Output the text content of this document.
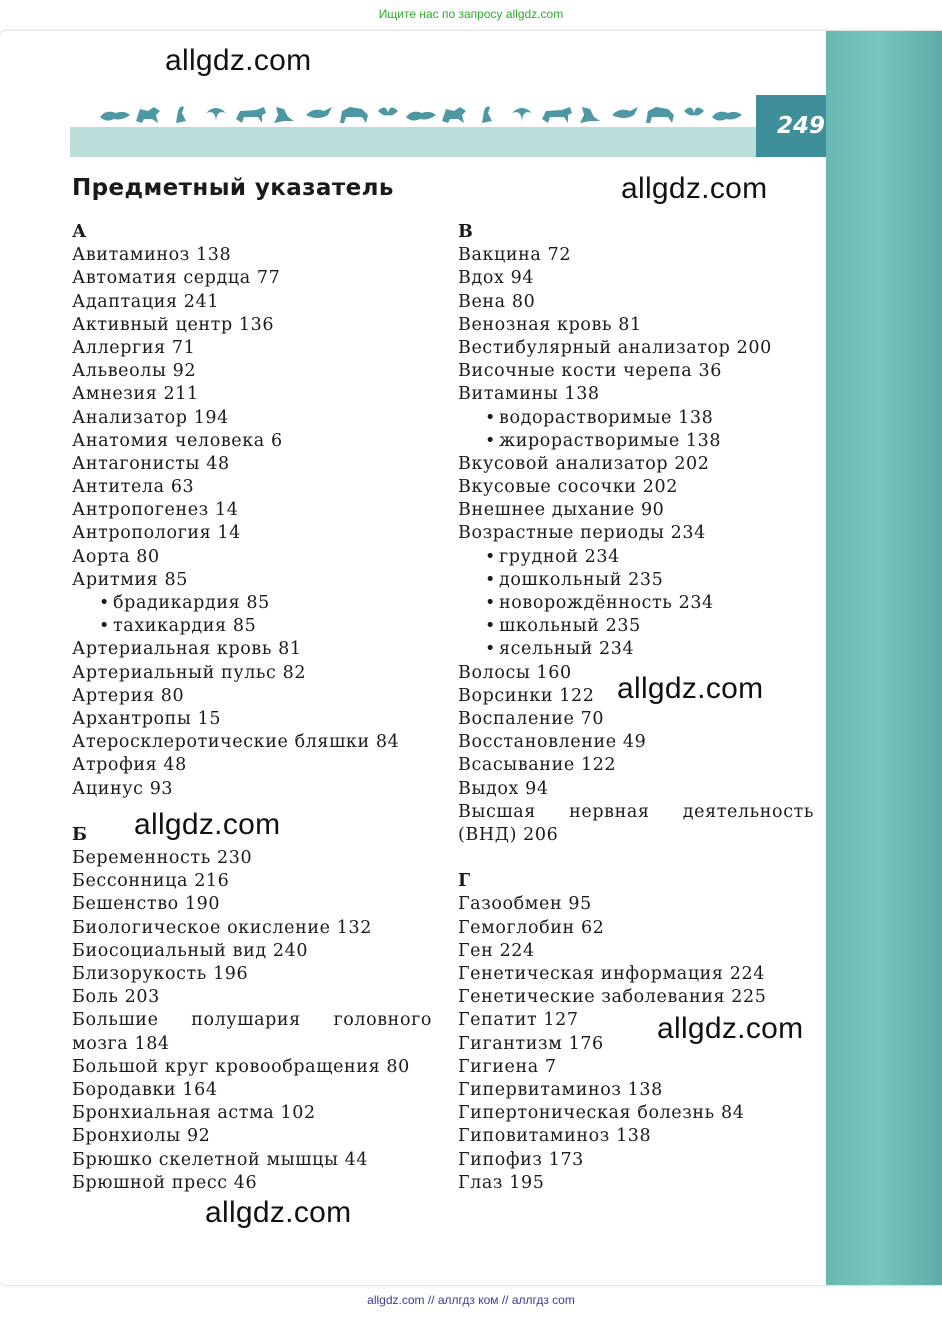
Ищите нас по запросу allgdz.com
249
Предметный указатель
А
Авитаминоз 138
Автоматия сердца 77
Адаптация 241
Активный центр 136
Аллергия 71
Альвеолы 92
Амнезия 211
Анализатор 194
Анатомия человека 6
Антагонисты 48
Антитела 63
Антропогенез 14
Антропология 14
Аорта 80
Аритмия 85
• брадикардия 85
• тахикардия 85
Артериальная кровь 81
Артериальный пульс 82
Артерия 80
Архантропы 15
Атеросклеротические бляшки 84
Атрофия 48
Ацинус 93
Б
Беременность 230
Бессонница 216
Бешенство 190
Биологическое окисление 132
Биосоциальный вид 240
Близорукость 196
Боль 203
Большие полушария головного
мозга 184
Большой круг кровообращения 80
Бородавки 164
Бронхиальная астма 102
Бронхиолы 92
Брюшко скелетной мышцы 44
Брюшной пресс 46
В
Вакцина 72
Вдох 94
Вена 80
Венозная кровь 81
Вестибулярный анализатор 200
Височные кости черепа 36
Витамины 138
• водорастворимые 138
• жирорастворимые 138
Вкусовой анализатор 202
Вкусовые сосочки 202
Внешнее дыхание 90
Возрастные периоды 234
• грудной 234
• дошкольный 235
• новорождённость 234
• школьный 235
• ясельный 234
Волосы 160
Ворсинки 122
Воспаление 70
Восстановление 49
Всасывание 122
Выдох 94
Высшая нервная деятельность
(ВНД) 206
Г
Газообмен 95
Гемоглобин 62
Ген 224
Генетическая информация 224
Генетические заболевания 225
Гепатит 127
Гигантизм 176
Гигиена 7
Гипервитаминоз 138
Гипертоническая болезнь 84
Гиповитаминоз 138
Гипофиз 173
Глаз 195
allgdz.com
allgdz.com
allgdz.com
allgdz.com
allgdz.com
allgdz.com
allgdz.com // аллгдз ком // аллгдз com
